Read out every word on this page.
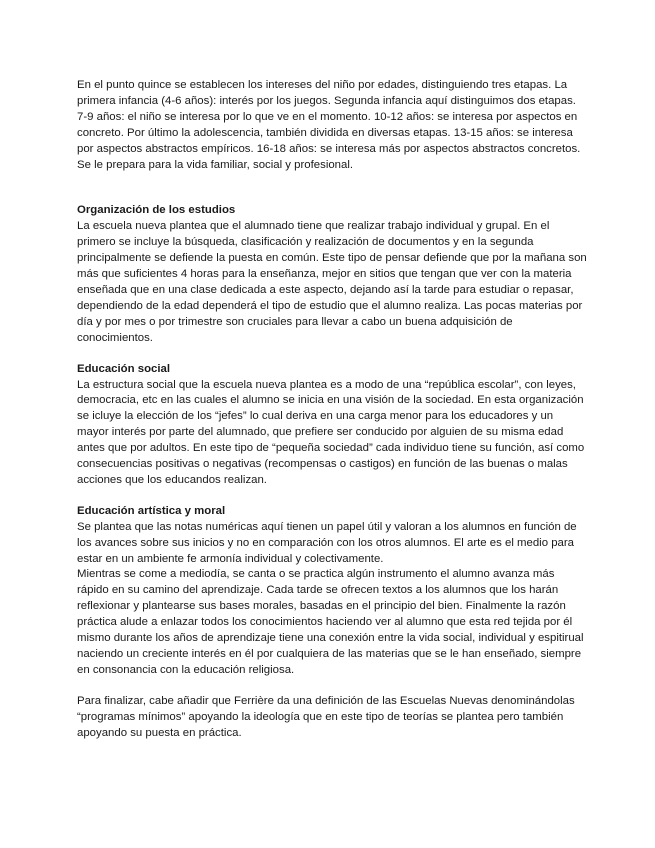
En el punto quince se establecen los intereses del niño por edades, distinguiendo tres etapas. La primera infancia (4-6 años): interés por los juegos. Segunda infancia aquí distinguimos dos etapas. 7-9 años: el niño se interesa por lo que ve en el momento. 10-12 años: se interesa por aspectos en concreto. Por último la adolescencia, también dividida en diversas etapas. 13-15 años: se interesa por aspectos abstractos empíricos. 16-18 años: se interesa más por aspectos abstractos concretos. Se le prepara para la vida familiar, social y profesional.

Organización de los estudios

La escuela nueva plantea que el alumnado tiene que realizar trabajo individual y grupal. En el primero se incluye la búsqueda, clasificación y realización de documentos y en la segunda principalmente se defiende la puesta en común. Este tipo de pensar defiende que por la mañana son más que suficientes 4 horas para la enseñanza, mejor en sitios que tengan que ver con la materia enseñada que en una clase dedicada a este aspecto, dejando así la tarde para estudiar o repasar, dependiendo de la edad dependerá el tipo de estudio que el alumno realiza. Las pocas materias por día y por mes o por trimestre son cruciales para llevar a cabo un buena adquisición de conocimientos.

Educación social

La estructura social que la escuela nueva plantea es a modo de una “república escolar”, con leyes, democracia, etc en las cuales el alumno se inicia en una visión de la sociedad. En esta organización se icluye la elección de los “jefes” lo cual deriva en una carga menor para los educadores y un mayor interés por parte del alumnado, que prefiere ser conducido por alguien de su misma edad antes que por adultos. En este tipo de “pequeña sociedad” cada individuo tiene su función, así como consecuencias positivas o negativas (recompensas o castigos) en función de las buenas o malas acciones que los educandos realizan.

Educación artística y moral

Se plantea que las notas numéricas aquí tienen un papel útil y valoran a los alumnos en función de los avances sobre sus inicios y no en comparación con los otros alumnos. El arte es el medio para estar en un ambiente fe armonía individual y colectivamente.

Mientras se come a mediodía, se canta o se practica algún instrumento el alumno avanza más rápido en su camino del aprendizaje. Cada tarde se ofrecen textos a los alumnos que los harán reflexionar y plantearse sus bases morales, basadas en el principio del bien. Finalmente la razón práctica alude a enlazar todos los conocimientos haciendo ver al alumno que esta red tejida por él mismo durante los años de aprendizaje tiene una conexión entre la vida social, individual y espitirual naciendo un creciente interés en él por cualquiera de las materias que se le han enseñado, siempre en consonancia con la educación religiosa.

Para finalizar, cabe añadir que Ferrière da una definición de las Escuelas Nuevas denominándolas “programas mínimos” apoyando la ideología que en este tipo de teorías se plantea pero también apoyando su puesta en práctica.
